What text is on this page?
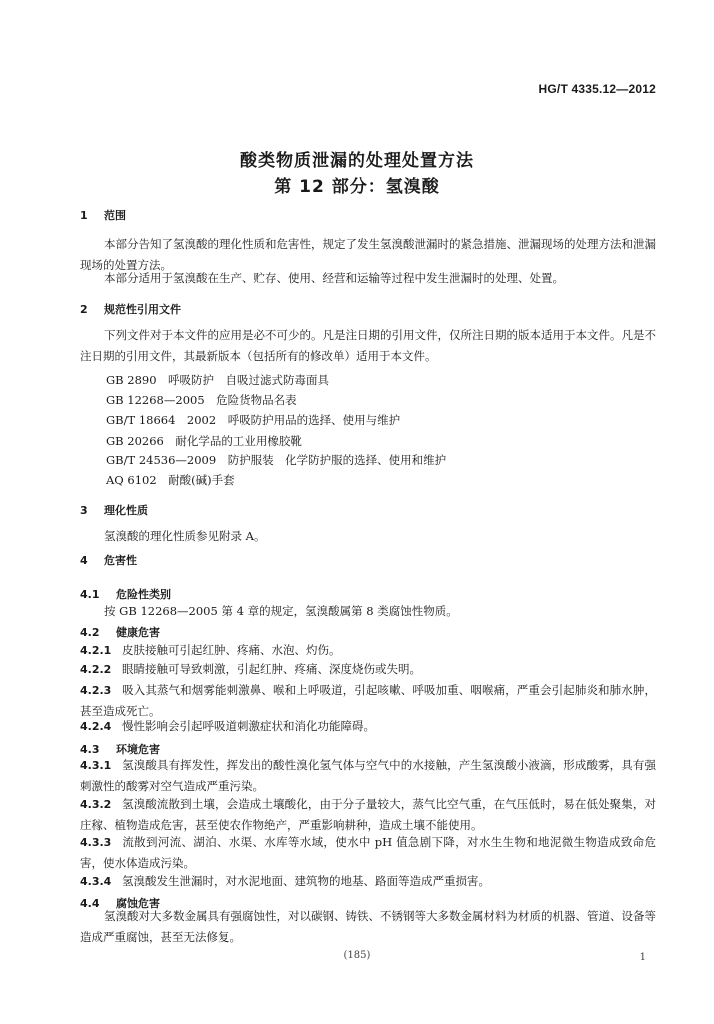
HG/T 4335.12—2012
酸类物质泄漏的处理处置方法
第 12 部分：氢溴酸
1 范围
本部分告知了氢溴酸的理化性质和危害性，规定了发生氢溴酸泄漏时的紧急措施、泄漏现场的处理方法和泄漏现场的处置方法。
本部分适用于氢溴酸在生产、贮存、使用、经营和运输等过程中发生泄漏时的处理、处置。
2 规范性引用文件
下列文件对于本文件的应用是必不可少的。凡是注日期的引用文件，仅所注日期的版本适用于本文件。凡是不注日期的引用文件，其最新版本（包括所有的修改单）适用于本文件。
GB 2890　呼吸防护　自吸过滤式防毒面具
GB 12268—2005　危险货物品名表
GB/T 18664　2002　呼吸防护用品的选择、使用与维护
GB 20266　耐化学品的工业用橡胶靴
GB/T 24536—2009　防护服装　化学防护服的选择、使用和维护
AQ 6102　耐酸(碱)手套
3 理化性质
氢溴酸的理化性质参见附录 A。
4 危害性
4.1 危险性类别
按 GB 12268—2005 第 4 章的规定，氢溴酸属第 8 类腐蚀性物质。
4.2 健康危害
4.2.1 皮肤接触可引起红肿、疼痛、水泡、灼伤。
4.2.2 眼睛接触可导致刺激，引起红肿、疼痛、深度烧伤或失明。
4.2.3 吸入其蒸气和烟雾能刺激鼻、喉和上呼吸道，引起咳嗽、呼吸加重、咽喉痛，严重会引起肺炎和肺水肿，甚至造成死亡。
4.2.4 慢性影响会引起呼吸道刺激症状和消化功能障碍。
4.3 环境危害
4.3.1 氢溴酸具有挥发性，挥发出的酸性溴化氢气体与空气中的水接触，产生氢溴酸小液滴，形成酸雾，具有强刺激性的酸雾对空气造成严重污染。
4.3.2 氢溴酸流散到土壤，会造成土壤酸化，由于分子量较大，蒸气比空气重，在气压低时，易在低处聚集，对庄稼、植物造成危害，甚至使农作物绝产，严重影响耕种，造成土壤不能使用。
4.3.3 流散到河流、湖泊、水渠、水库等水域，使水中 pH 值急剧下降，对水生生物和地泥微生物造成致命危害，使水体造成污染。
4.3.4 氢溴酸发生泄漏时，对水泥地面、建筑物的地基、路面等造成严重损害。
4.4 腐蚀危害
氢溴酸对大多数金属具有强腐蚀性，对以碳钢、铸铁、不锈钢等大多数金属材料为材质的机器、管道、设备等造成严重腐蚀，甚至无法修复。
(185)	1
